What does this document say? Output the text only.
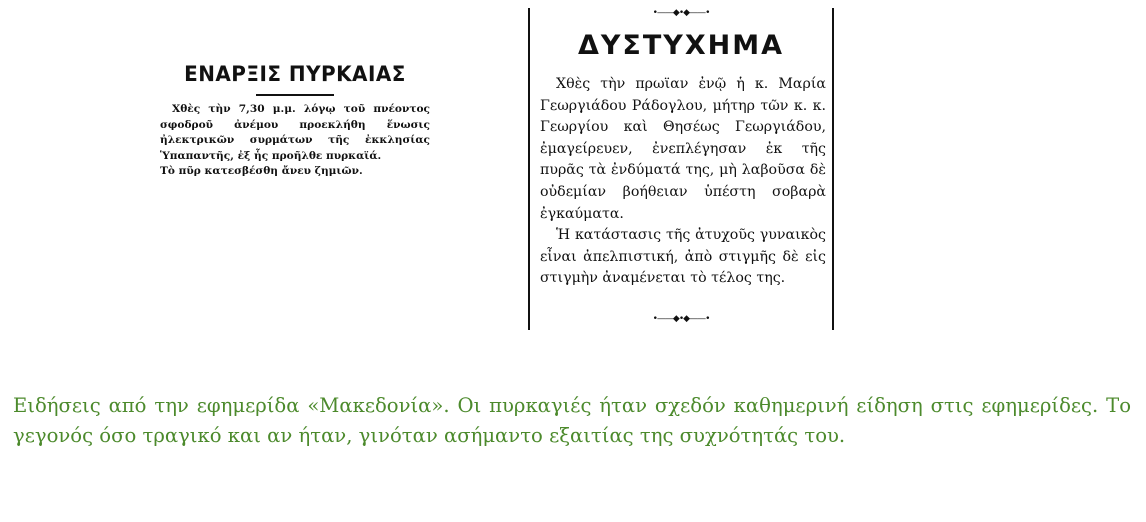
ΕΝΑΡΞΙΣ ΠΥΡΚΑΙΑΣ

Χθὲς τὴν 7,30 μ.μ. λόγῳ τοῦ πνέοντος σφοδροῦ ἀνέμου προεκλήθη ἕνωσις ἠλεκτρικῶν συρμάτων τῆς ἐκκλησίας Ὑπαπαντῆς, ἐξ ἧς προῆλθε πυρκαϊά.

Τὸ πῦρ κατεσβέσθη ἄνευ ζημιῶν.

•——◆•◆——•
ΔΥΣΤΥΧΗΜΑ

Χθὲς τὴν πρωϊαν ἐνῷ ἡ κ. Μαρία Γεωργιάδου Ράδογλου, μήτηρ τῶν κ. κ. Γεωργίου καὶ Θησέως Γεωργιάδου, ἐμαγείρευεν, ἐνεπλέγησαν ἐκ τῆς πυρᾶς τὰ ἐνδύματά της, μὴ λαβοῦσα δὲ οὐδεμίαν βοήθειαν ὑπέστη σοβαρὰ ἐγκαύματα.

Ἡ κατάστασις τῆς ἀτυχοῦς γυναικὸς εἶναι ἀπελπιστική, ἀπὸ στιγμῆς δὲ εἰς στιγμὴν ἀναμένεται τὸ τέλος της.

•——◆•◆——•
Ειδήσεις από την εφημερίδα «Μακεδονία». Οι πυρκαγιές ήταν σχεδόν καθημερινή είδηση στις εφημερίδες. Το γεγονός όσο τραγικό και αν ήταν, γινόταν ασήμαντο εξαιτίας της συχνότητάς του.
